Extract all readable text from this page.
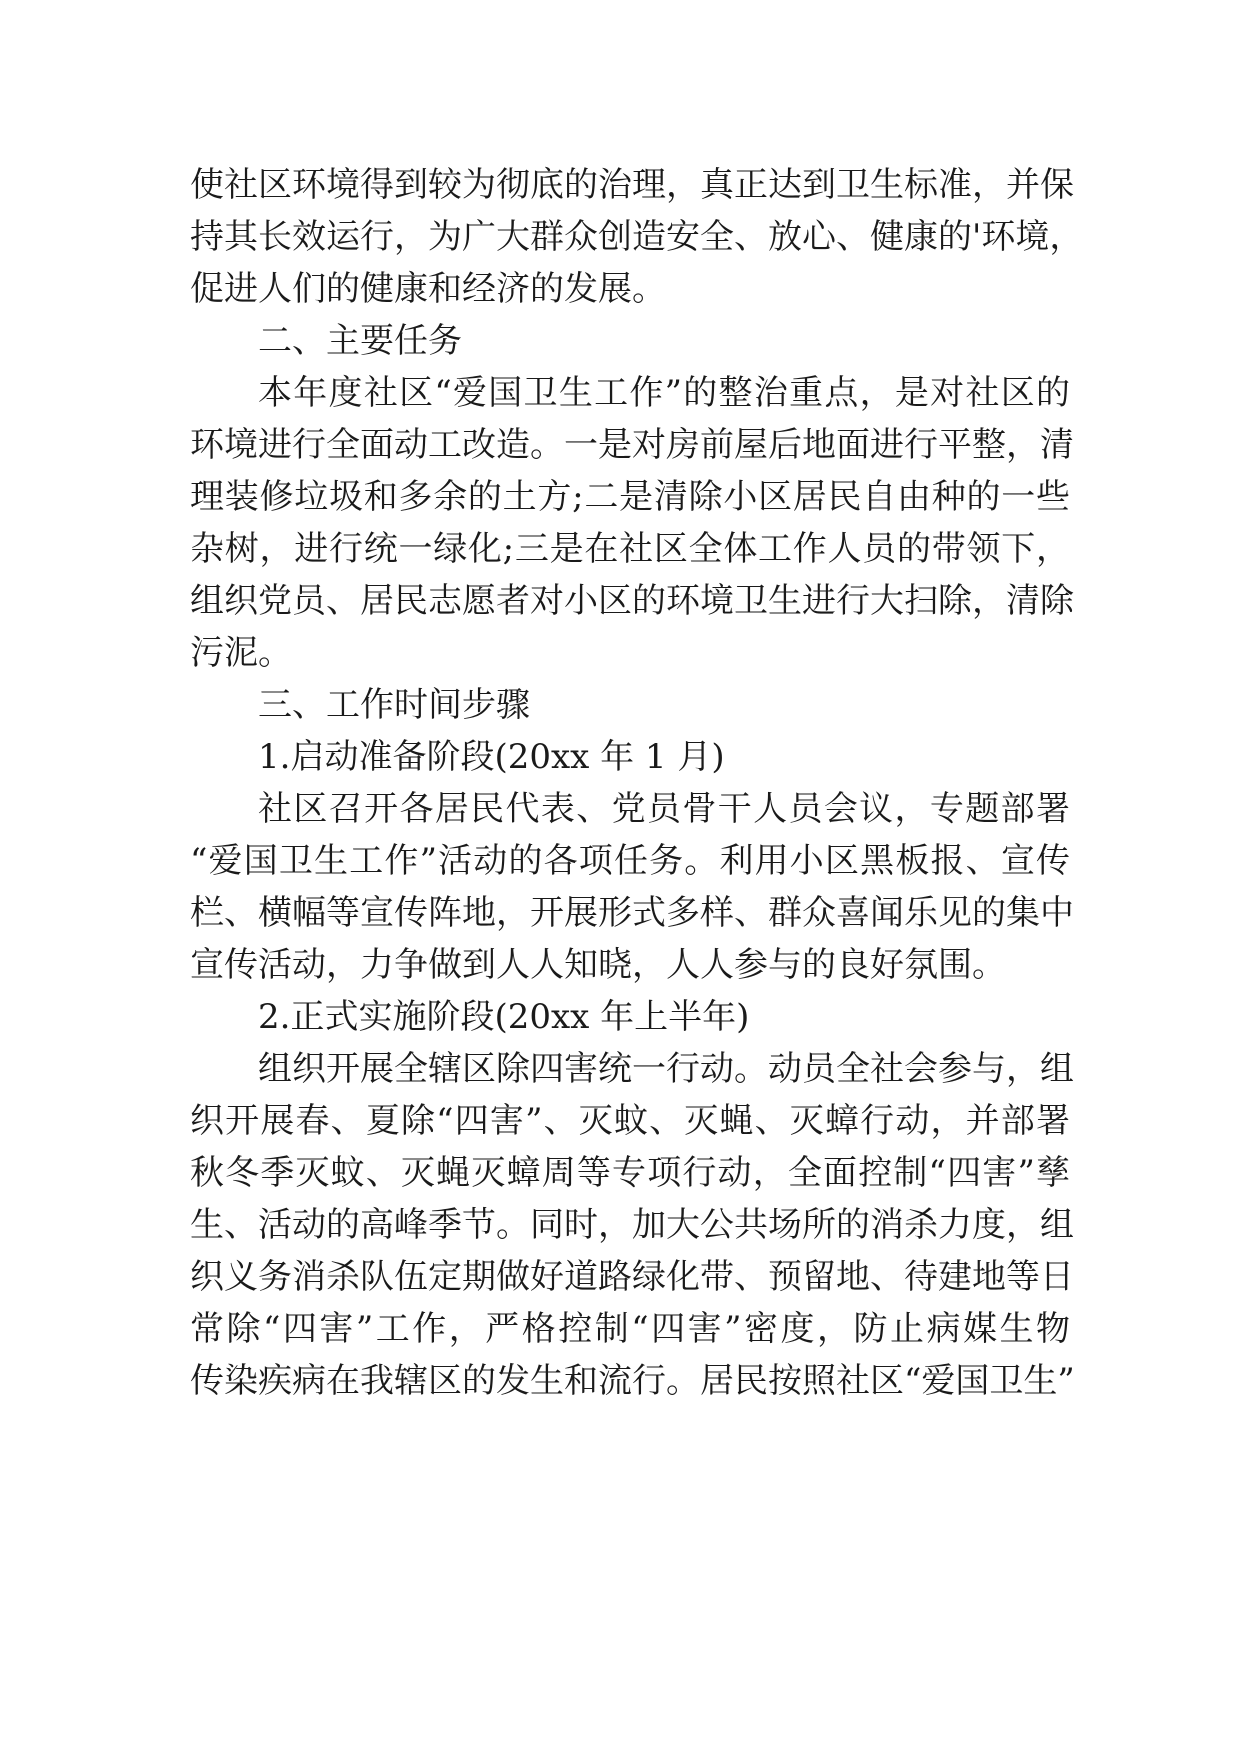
使社区环境得到较为彻底的治理，真正达到卫生标准，并保
持其长效运行，为广大群众创造安全、放心、健康的'环境，
促进人们的健康和经济的发展。
二、主要任务
本年度社区“爱国卫生工作”的整治重点，是对社区的
环境进行全面动工改造。一是对房前屋后地面进行平整，清
理装修垃圾和多余的土方;二是清除小区居民自由种的一些
杂树，进行统一绿化;三是在社区全体工作人员的带领下，
组织党员、居民志愿者对小区的环境卫生进行大扫除，清除
污泥。
三、工作时间步骤
1.启动准备阶段(20xx 年 1 月)
社区召开各居民代表、党员骨干人员会议，专题部署
“爱国卫生工作”活动的各项任务。利用小区黑板报、宣传
栏、横幅等宣传阵地，开展形式多样、群众喜闻乐见的集中
宣传活动，力争做到人人知晓，人人参与的良好氛围。
2.正式实施阶段(20xx 年上半年)
组织开展全辖区除四害统一行动。动员全社会参与，组
织开展春、夏除“四害”、灭蚊、灭蝇、灭蟑行动，并部署
秋冬季灭蚊、灭蝇灭蟑周等专项行动，全面控制“四害”孳
生、活动的高峰季节。同时，加大公共场所的消杀力度，组
织义务消杀队伍定期做好道路绿化带、预留地、待建地等日
常除“四害”工作，严格控制“四害”密度，防止病媒生物
传染疾病在我辖区的发生和流行。居民按照社区“爱国卫生”
